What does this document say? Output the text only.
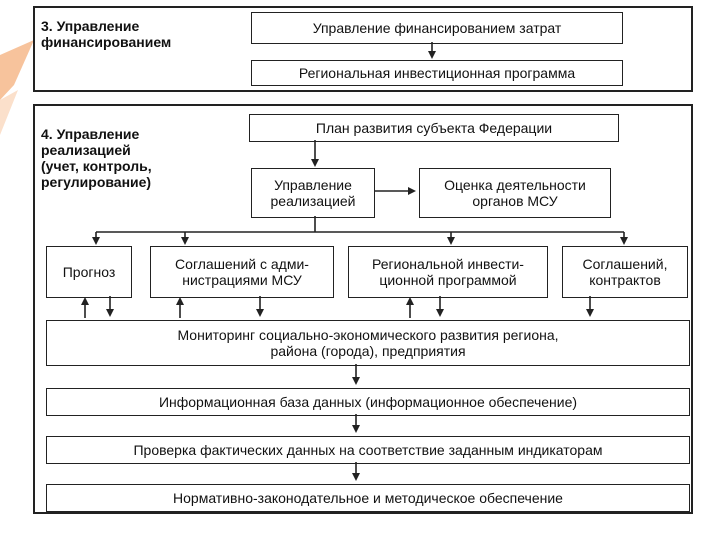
3. Управление
финансированием
Управление финансированием затрат
Региональная инвестиционная программа
4. Управление
реализацией
(учет, контроль,
регулирование)
План развития субъекта Федерации
Управление
реализацией
Оценка деятельности
органов МСУ
Прогноз	Соглашений с адми-
нистрациями МСУ
Региональной инвести-
ционной программой
Соглашений,
контрактов
Мониторинг социально-экономического развития региона,
района (города), предприятия
Информационная база данных (информационное обеспечение)
Проверка фактических данных на соответствие заданным индикаторам
Нормативно-законодательное и методическое обеспечение
